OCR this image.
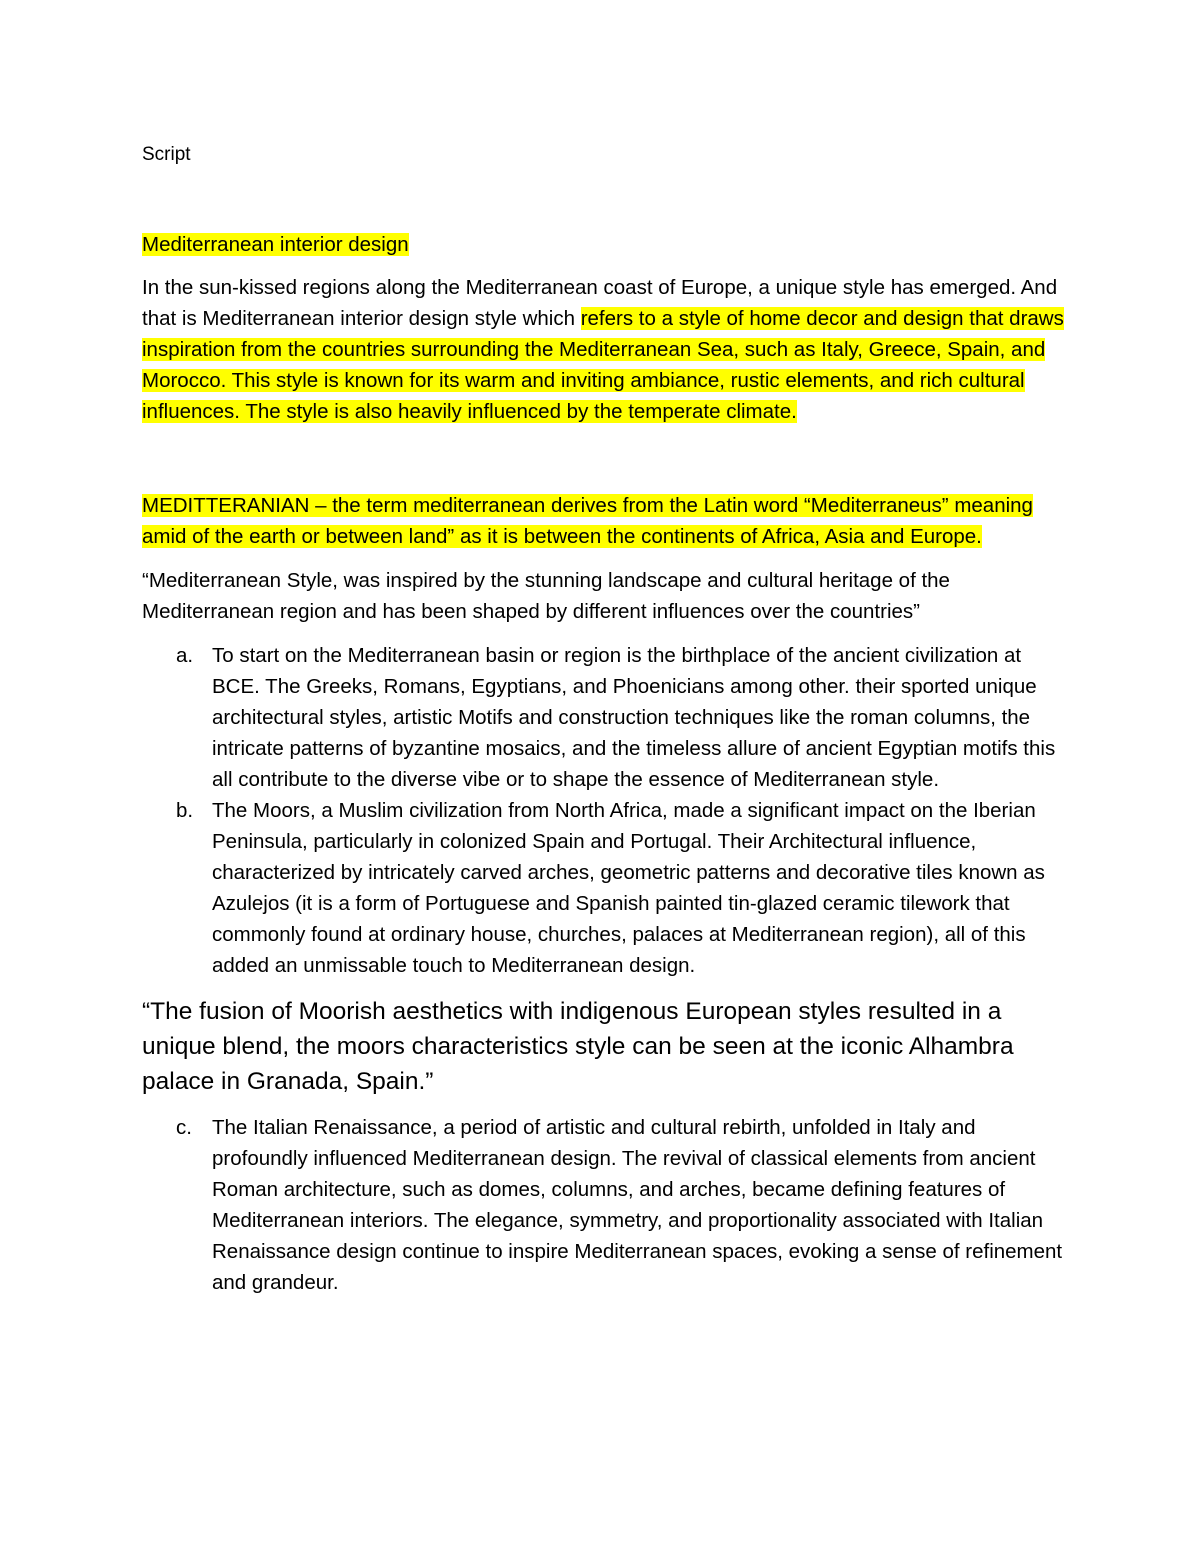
Script

Mediterranean interior design

In the sun-kissed regions along the Mediterranean coast of Europe, a unique style has emerged. And that is Mediterranean interior design style which refers to a style of home decor and design that draws inspiration from the countries surrounding the Mediterranean Sea, such as Italy, Greece, Spain, and Morocco. This style is known for its warm and inviting ambiance, rustic elements, and rich cultural influences. The style is also heavily influenced by the temperate climate.

MEDITTERANIAN – the term mediterranean derives from the Latin word “Mediterraneus” meaning amid of the earth or between land” as it is between the continents of Africa, Asia and Europe.

“Mediterranean Style, was inspired by the stunning landscape and cultural heritage of the Mediterranean region and has been shaped by different influences over the countries”

a. To start on the Mediterranean basin or region is the birthplace of the ancient civilization at BCE. The Greeks, Romans, Egyptians, and Phoenicians among other. their sported unique architectural styles, artistic Motifs and construction techniques like the roman columns, the intricate patterns of byzantine mosaics, and the timeless allure of ancient Egyptian motifs this all contribute to the diverse vibe or to shape the essence of Mediterranean style.
b. The Moors, a Muslim civilization from North Africa, made a significant impact on the Iberian Peninsula, particularly in colonized Spain and Portugal. Their Architectural influence, characterized by intricately carved arches, geometric patterns and decorative tiles known as Azulejos (it is a form of Portuguese and Spanish painted tin-glazed ceramic tilework that commonly found at ordinary house, churches, palaces at Mediterranean region), all of this added an unmissable touch to Mediterranean design.

“The fusion of Moorish aesthetics with indigenous European styles resulted in a unique blend, the moors characteristics style can be seen at the iconic Alhambra palace in Granada, Spain.”

c. The Italian Renaissance, a period of artistic and cultural rebirth, unfolded in Italy and profoundly influenced Mediterranean design. The revival of classical elements from ancient Roman architecture, such as domes, columns, and arches, became defining features of Mediterranean interiors. The elegance, symmetry, and proportionality associated with Italian Renaissance design continue to inspire Mediterranean spaces, evoking a sense of refinement and grandeur.
